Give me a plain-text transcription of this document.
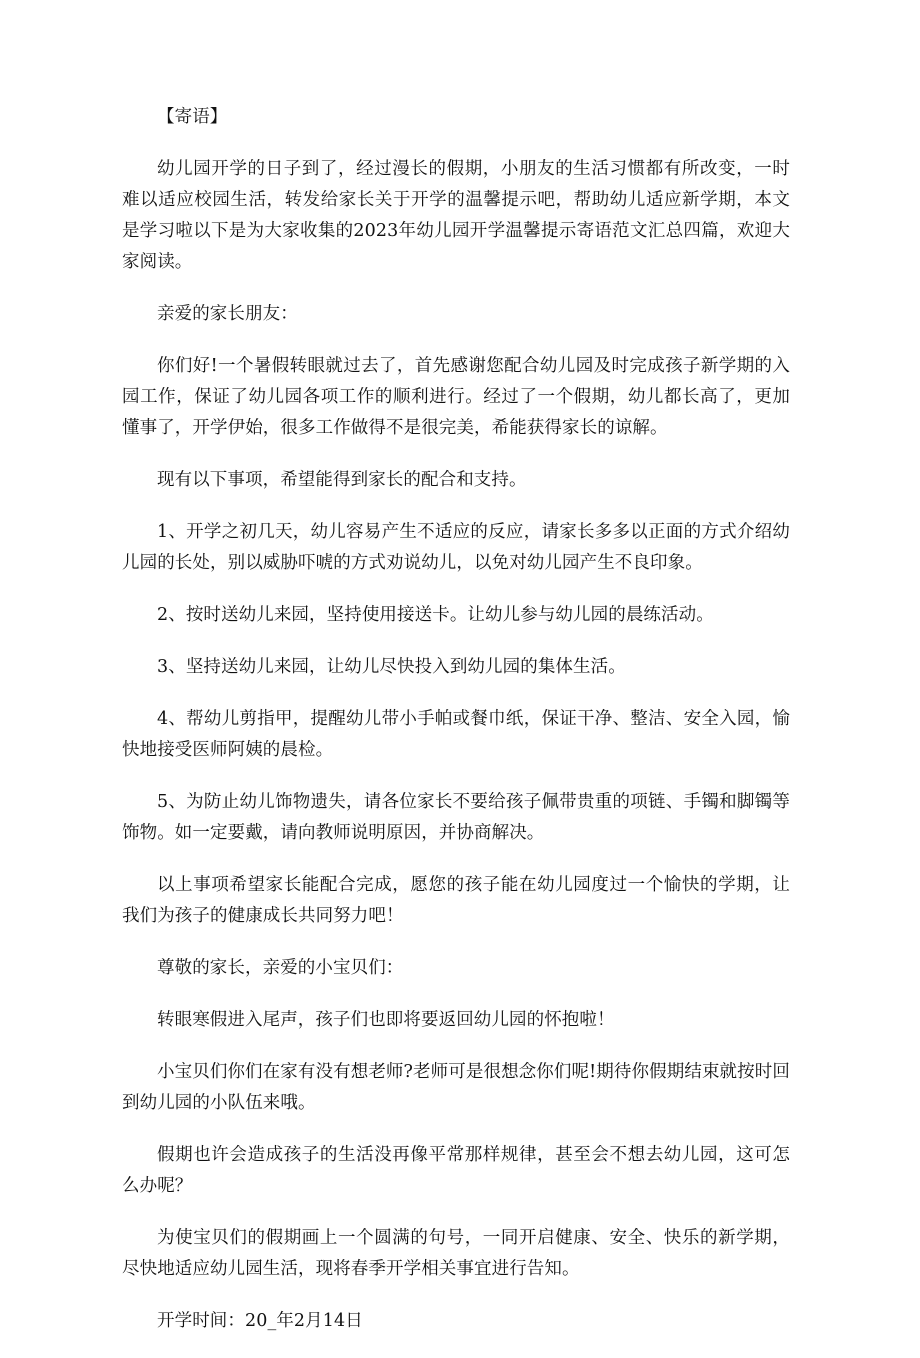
【寄语】

幼儿园开学的日子到了，经过漫长的假期，小朋友的生活习惯都有所改变，一时难以适应校园生活，转发给家长关于开学的温馨提示吧，帮助幼儿适应新学期，本文是学习啦以下是为大家收集的2023年幼儿园开学温馨提示寄语范文汇总四篇，欢迎大家阅读。

亲爱的家长朋友：

你们好!一个暑假转眼就过去了，首先感谢您配合幼儿园及时完成孩子新学期的入园工作，保证了幼儿园各项工作的顺利进行。经过了一个假期，幼儿都长高了，更加懂事了，开学伊始，很多工作做得不是很完美，希能获得家长的谅解。

现有以下事项，希望能得到家长的配合和支持。

1、开学之初几天，幼儿容易产生不适应的反应，请家长多多以正面的方式介绍幼儿园的长处，别以威胁吓唬的方式劝说幼儿，以免对幼儿园产生不良印象。

2、按时送幼儿来园，坚持使用接送卡。让幼儿参与幼儿园的晨练活动。

3、坚持送幼儿来园，让幼儿尽快投入到幼儿园的集体生活。

4、帮幼儿剪指甲，提醒幼儿带小手帕或餐巾纸，保证干净、整洁、安全入园，愉快地接受医师阿姨的晨检。

5、为防止幼儿饰物遗失，请各位家长不要给孩子佩带贵重的项链、手镯和脚镯等饰物。如一定要戴，请向教师说明原因，并协商解决。

以上事项希望家长能配合完成，愿您的孩子能在幼儿园度过一个愉快的学期，让我们为孩子的健康成长共同努力吧！

尊敬的家长，亲爱的小宝贝们：

转眼寒假进入尾声，孩子们也即将要返回幼儿园的怀抱啦！

小宝贝们你们在家有没有想老师?老师可是很想念你们呢!期待你假期结束就按时回到幼儿园的小队伍来哦。

假期也许会造成孩子的生活没再像平常那样规律，甚至会不想去幼儿园，这可怎么办呢？

为使宝贝们的假期画上一个圆满的句号，一同开启健康、安全、快乐的新学期，尽快地适应幼儿园生活，现将春季开学相关事宜进行告知。

开学时间：20_年2月14日
